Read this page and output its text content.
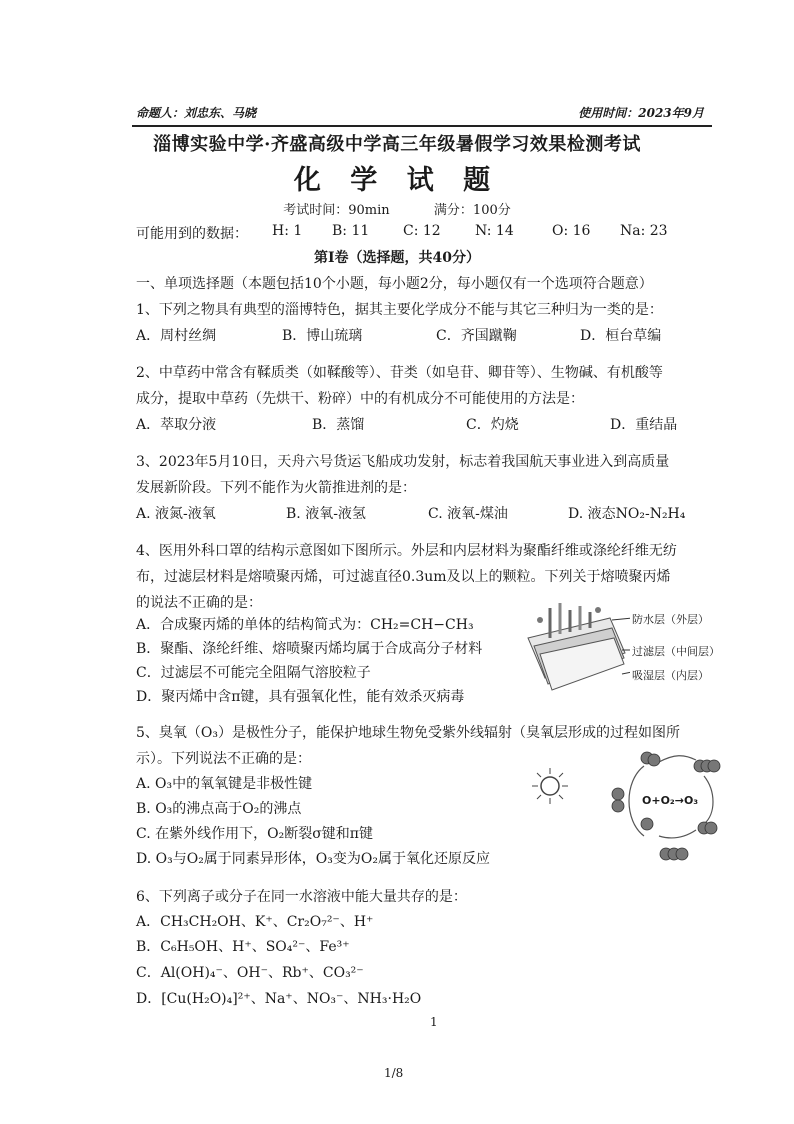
命题人：刘忠东、马晓	使用时间：2023年9月
淄博实验中学·齐盛高级中学高三年级暑假学习效果检测考试
化 学 试 题
考试时间：90min	满分：100分
可能用到的数据： H: 1 B: 11 C: 12 N: 14	O: 16 Na: 23
第Ⅰ卷（选择题，共40分）
一、单项选择题（本题包括10个小题，每小题2分，每小题仅有一个选项符合题意）
1、下列之物具有典型的淄博特色，据其主要化学成分不能与其它三种归为一类的是：
A．周村丝绸	B．博山琉璃	C．齐国蹴鞠	D．桓台草编
2、中草药中常含有鞣质类（如鞣酸等）、苷类（如皂苷、卿苷等）、生物碱、有机酸等
成分，提取中草药（先烘干、粉碎）中的有机成分不可能使用的方法是：
A．萃取分液	B．蒸馏	C．灼烧	D．重结晶
3、2023年5月10日，天舟六号货运飞船成功发射，标志着我国航天事业进入到高质量
发展新阶段。下列不能作为火箭推进剂的是：
A. 液氮-液氧	B. 液氧-液氢	C. 液氧-煤油	D. 液态NO₂-N₂H₄
4、医用外科口罩的结构示意图如下图所示。外层和内层材料为聚酯纤维或涤纶纤维无纺
布，过滤层材料是熔喷聚丙烯，可过滤直径0.3um及以上的颗粒。下列关于熔喷聚丙烯
的说法不正确的是：
A．合成聚丙烯的单体的结构简式为：CH₂=CH−CH₃
B．聚酯、涤纶纤维、熔喷聚丙烯均属于合成高分子材料
C．过滤层不可能完全阻隔气溶胶粒子
D．聚丙烯中含π键，具有强氧化性，能有效杀灭病毒
防水层（外层）
过滤层（中间层）
吸湿层（内层）
5、臭氧（O₃）是极性分子，能保护地球生物免受紫外线辐射（臭氧层形成的过程如图所
示）。下列说法不正确的是：
A. O₃中的氧氧键是非极性键
B. O₃的沸点高于O₂的沸点
C. 在紫外线作用下，O₂断裂σ键和π键
D. O₃与O₂属于同素异形体，O₃变为O₂属于氧化还原反应
O+O₂→O₃
6、下列离子或分子在同一水溶液中能大量共存的是：
A．CH₃CH₂OH、K⁺、Cr₂O₇²⁻、H⁺
B．C₆H₅OH、H⁺、SO₄²⁻、Fe³⁺
C．Al(OH)₄⁻、OH⁻、Rb⁺、CO₃²⁻
D．[Cu(H₂O)₄]²⁺、Na⁺、NO₃⁻、NH₃·H₂O
1
1/8
